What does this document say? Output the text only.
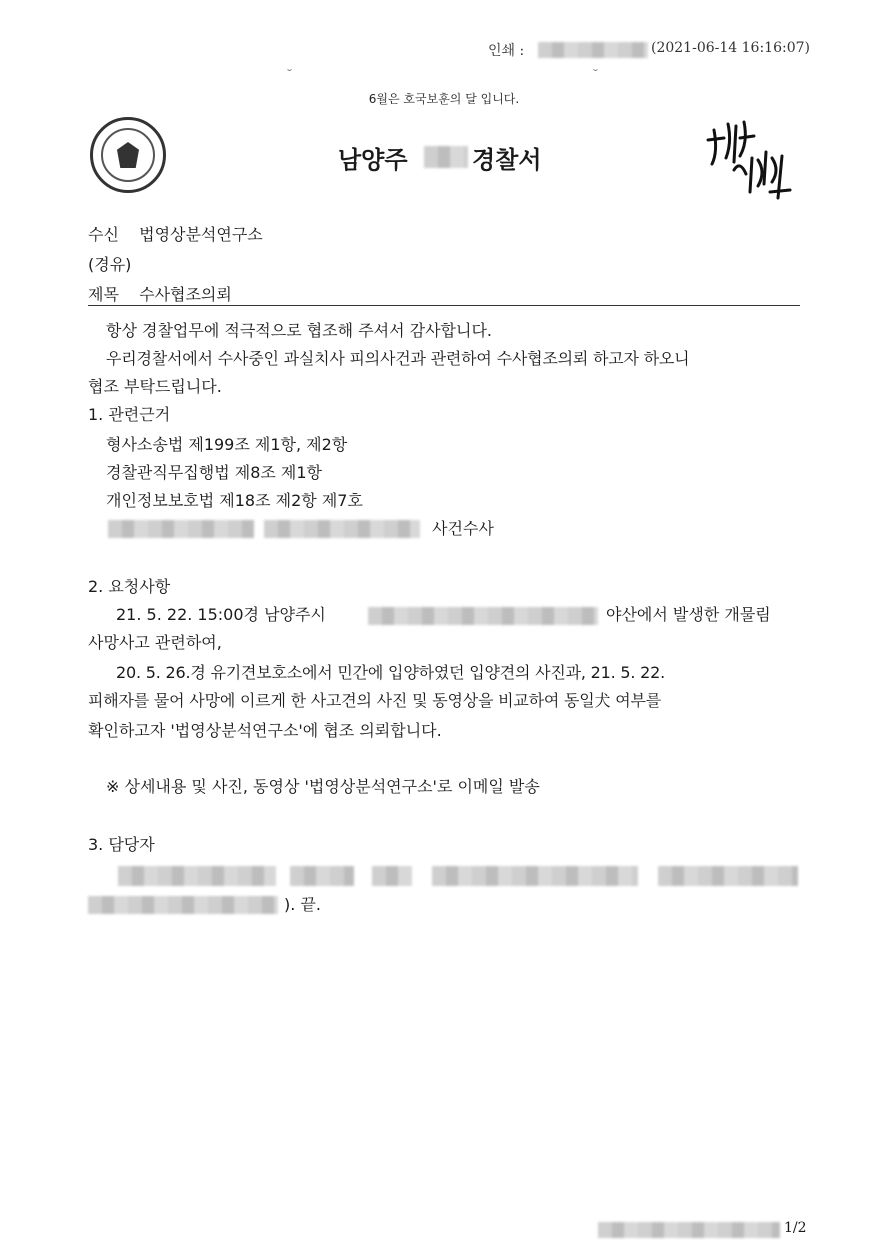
인쇄 :	(2021-06-14 16:16:07)
˘	˘
6월은 호국보훈의 달 입니다.
남양주	경찰서
수신 법영상분석연구소
(경유)
제목 수사협조의뢰
항상 경찰업무에 적극적으로 협조해 주셔서 감사합니다.
우리경찰서에서 수사중인 과실치사 피의사건과 관련하여 수사협조의뢰 하고자 하오니
협조 부탁드립니다.
1. 관련근거
형사소송법 제199조 제1항, 제2항
경찰관직무집행법 제8조 제1항
개인정보보호법 제18조 제2항 제7호
사건수사
2. 요청사항
21. 5. 22. 15:00경 남양주시	야산에서 발생한 개물림
사망사고 관련하여,
20. 5. 26.경 유기견보호소에서 민간에 입양하였던 입양견의 사진과, 21. 5. 22.
피해자를 물어 사망에 이르게 한 사고견의 사진 및 동영상을 비교하여 동일犬 여부를
확인하고자 '법영상분석연구소'에 협조 의뢰합니다.
※ 상세내용 및 사진, 동영상 '법영상분석연구소'로 이메일 발송
3. 담당자
). 끝.
1/2
